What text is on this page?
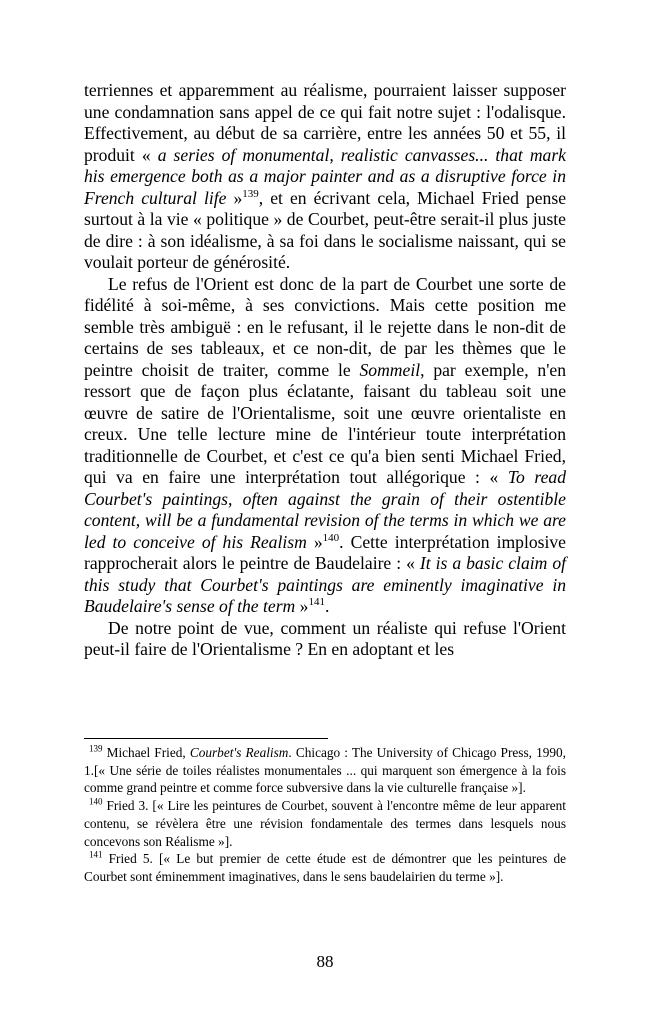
terriennes et apparemment au réalisme, pourraient laisser supposer une condamnation sans appel de ce qui fait notre sujet : l'odalisque. Effectivement, au début de sa carrière, entre les années 50 et 55, il produit « a series of monumental, realistic canvasses... that mark his emergence both as a major painter and as a disruptive force in French cultural life »$^{139}$, et en écrivant cela, Michael Fried pense surtout à la vie « politique » de Courbet, peut-être serait-il plus juste de dire : à son idéalisme, à sa foi dans le socialisme naissant, qui se voulait porteur de générosité.

Le refus de l'Orient est donc de la part de Courbet une sorte de fidélité à soi-même, à ses convictions. Mais cette position me semble très ambiguë : en le refusant, il le rejette dans le non-dit de certains de ses tableaux, et ce non-dit, de par les thèmes que le peintre choisit de traiter, comme le Sommeil, par exemple, n'en ressort que de façon plus éclatante, faisant du tableau soit une œuvre de satire de l'Orientalisme, soit une œuvre orientaliste en creux. Une telle lecture mine de l'intérieur toute interprétation traditionnelle de Courbet, et c'est ce qu'a bien senti Michael Fried, qui va en faire une interprétation tout allégorique : « To read Courbet's paintings, often against the grain of their ostentible content, will be a fundamental revision of the terms in which we are led to conceive of his Realism »$^{140}$. Cette interprétation implosive rapprocherait alors le peintre de Baudelaire : « It is a basic claim of this study that Courbet's paintings are eminently imaginative in Baudelaire's sense of the term »$^{141}$.

De notre point de vue, comment un réaliste qui refuse l'Orient peut-il faire de l'Orientalisme ? En en adoptant et les

$^{139}$ Michael Fried, Courbet's Realism. Chicago : The University of Chicago Press, 1990, 1.[« Une série de toiles réalistes monumentales ... qui marquent son émergence à la fois comme grand peintre et comme force subversive dans la vie culturelle française »].

$^{140}$ Fried 3. [« Lire les peintures de Courbet, souvent à l'encontre même de leur apparent contenu, se révèlera être une révision fondamentale des termes dans lesquels nous concevons son Réalisme »].

$^{141}$ Fried 5. [« Le but premier de cette étude est de démontrer que les peintures de Courbet sont éminemment imaginatives, dans le sens baudelairien du terme »].

88
